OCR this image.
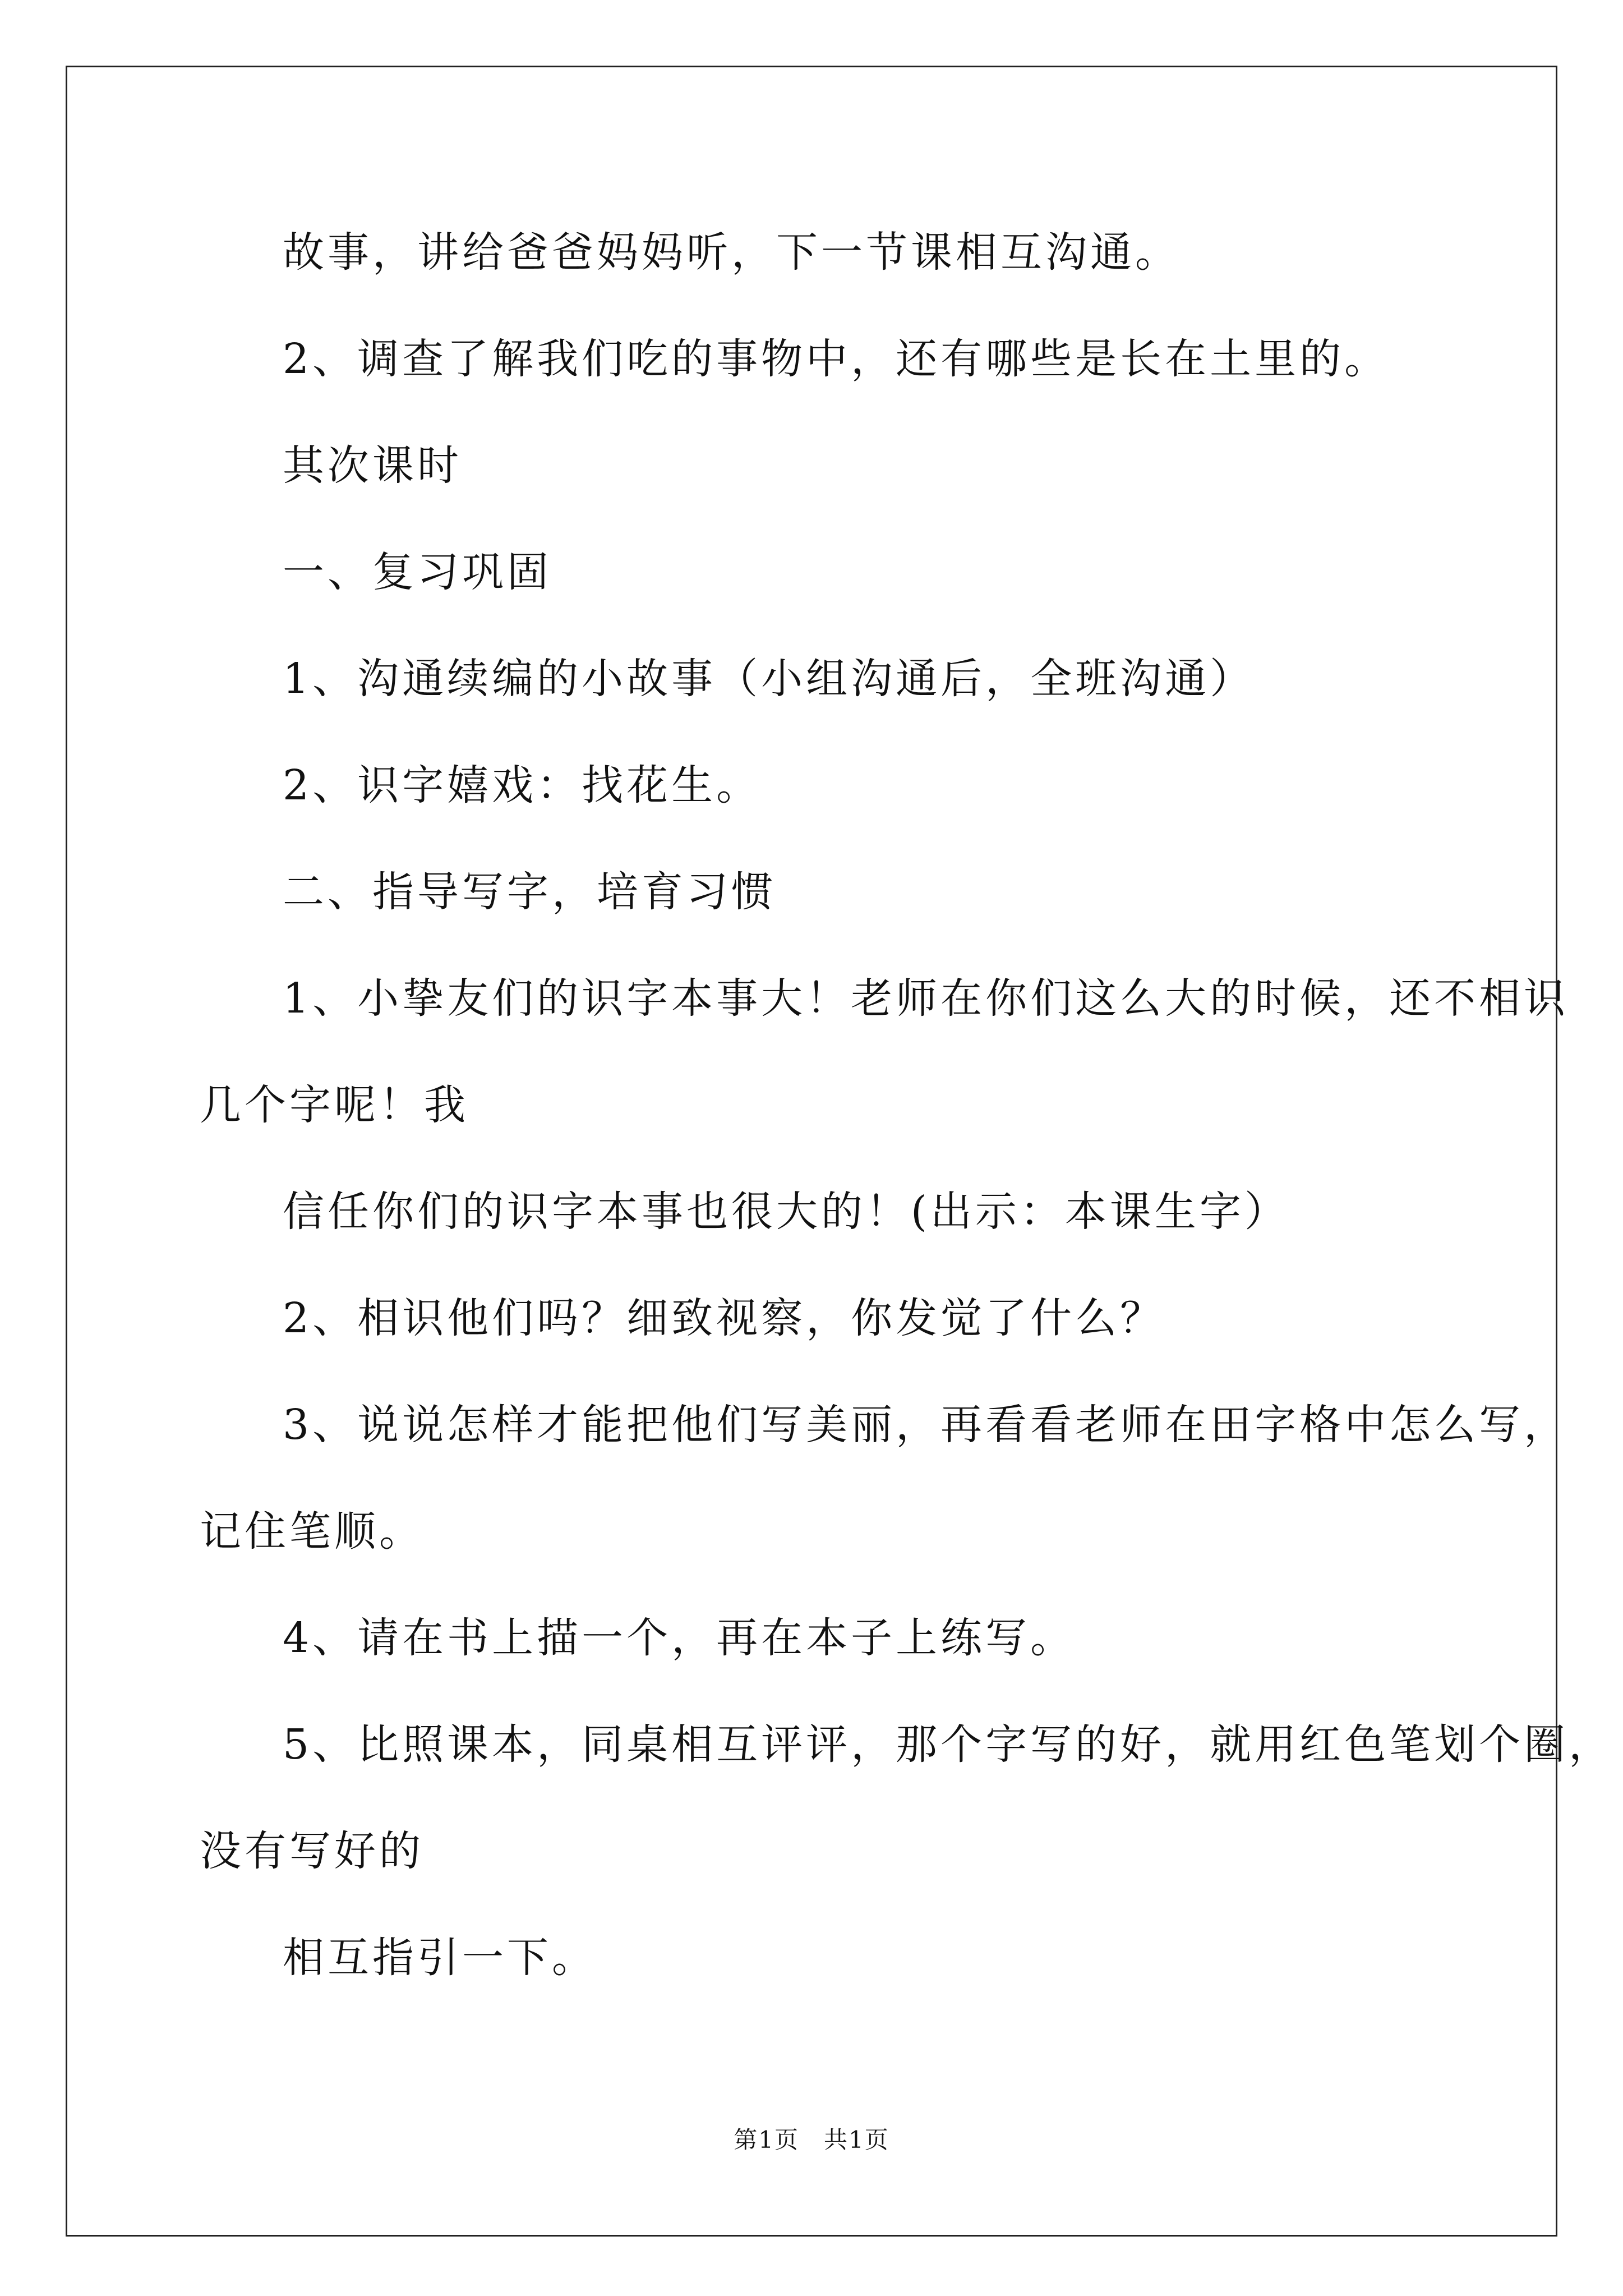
故事，讲给爸爸妈妈听，下一节课相互沟通。
2、调查了解我们吃的事物中，还有哪些是长在土里的。
其次课时
一、复习巩固
1、沟通续编的小故事（小组沟通后，全班沟通）
2、识字嬉戏：找花生。
二、指导写字，培育习惯
1、小挚友们的识字本事大！老师在你们这么大的时候，还不相识
几个字呢！我
信任你们的识字本事也很大的！(出示：本课生字）
2、相识他们吗？细致视察，你发觉了什么？
3、说说怎样才能把他们写美丽，再看看老师在田字格中怎么写，
记住笔顺。
4、请在书上描一个，再在本子上练写。
5、比照课本，同桌相互评评，那个字写的好，就用红色笔划个圈，
没有写好的
相互指引一下。
第1页　共1页
